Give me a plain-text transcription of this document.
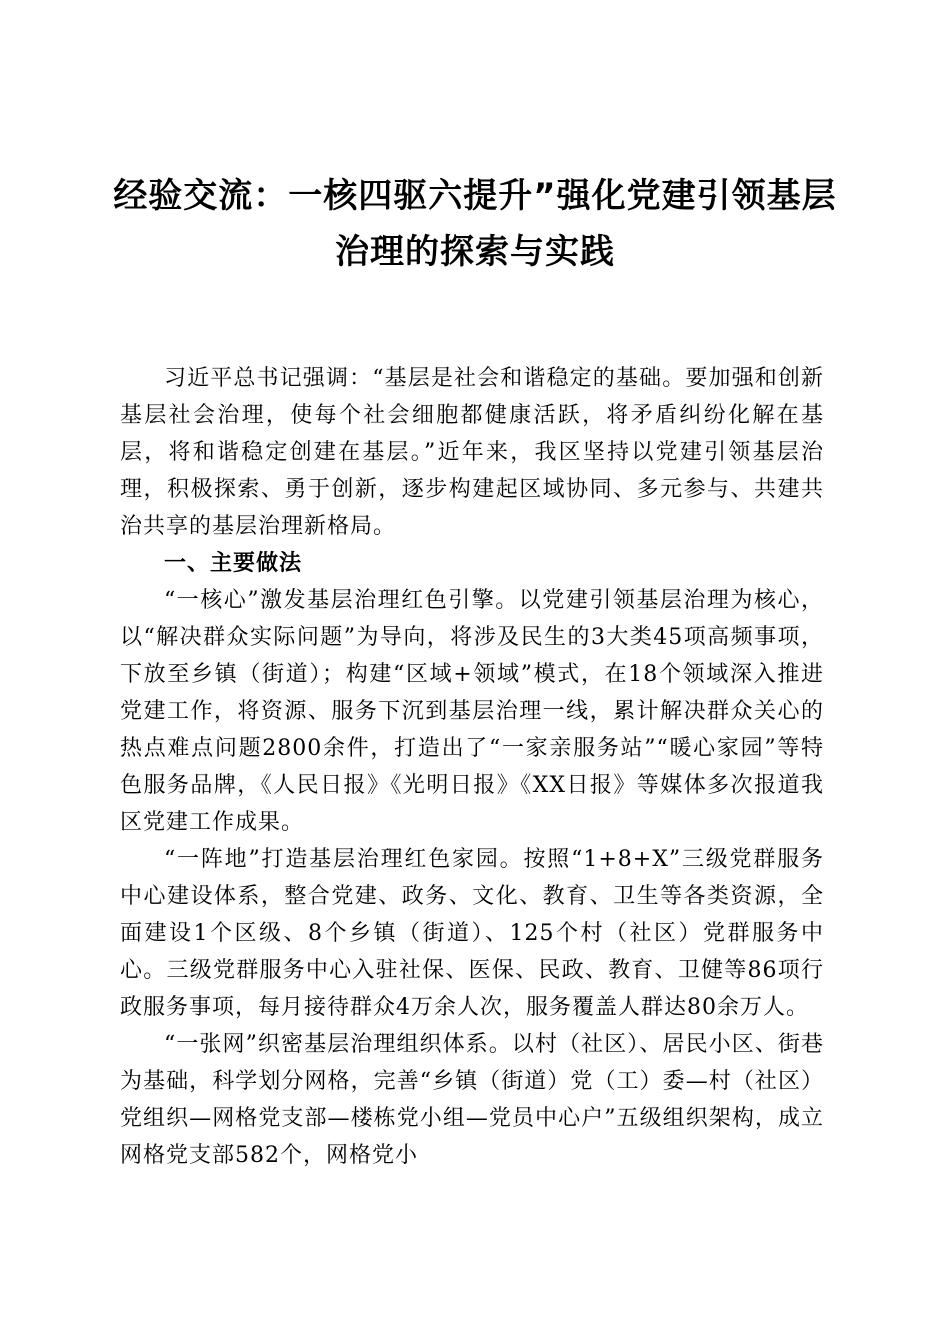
经验交流：一核四驱六提升”强化党建引领基层治理的探索与实践

习近平总书记强调：“基层是社会和谐稳定的基础。要加强和创新基层社会治理，使每个社会细胞都健康活跃，将矛盾纠纷化解在基层，将和谐稳定创建在基层。”近年来，我区坚持以党建引领基层治理，积极探索、勇于创新，逐步构建起区域协同、多元参与、共建共治共享的基层治理新格局。

一、主要做法

“一核心”激发基层治理红色引擎。以党建引领基层治理为核心，以“解决群众实际问题”为导向，将涉及民生的3大类45项高频事项，下放至乡镇（街道）；构建“区域+领域”模式，在18个领域深入推进党建工作，将资源、服务下沉到基层治理一线，累计解决群众关心的热点难点问题2800余件，打造出了“一家亲服务站”“暖心家园”等特色服务品牌，《人民日报》《光明日报》《XX日报》等媒体多次报道我区党建工作成果。

“一阵地”打造基层治理红色家园。按照“1+8+X”三级党群服务中心建设体系，整合党建、政务、文化、教育、卫生等各类资源，全面建设1个区级、8个乡镇（街道）、125个村（社区）党群服务中心。三级党群服务中心入驻社保、医保、民政、教育、卫健等86项行政服务事项，每月接待群众4万余人次，服务覆盖人群达80余万人。

“一张网”织密基层治理组织体系。以村（社区）、居民小区、街巷为基础，科学划分网格，完善“乡镇（街道）党（工）委—村（社区）党组织—网格党支部—楼栋党小组—党员中心户”五级组织架构，成立网格党支部582个，网格党小
